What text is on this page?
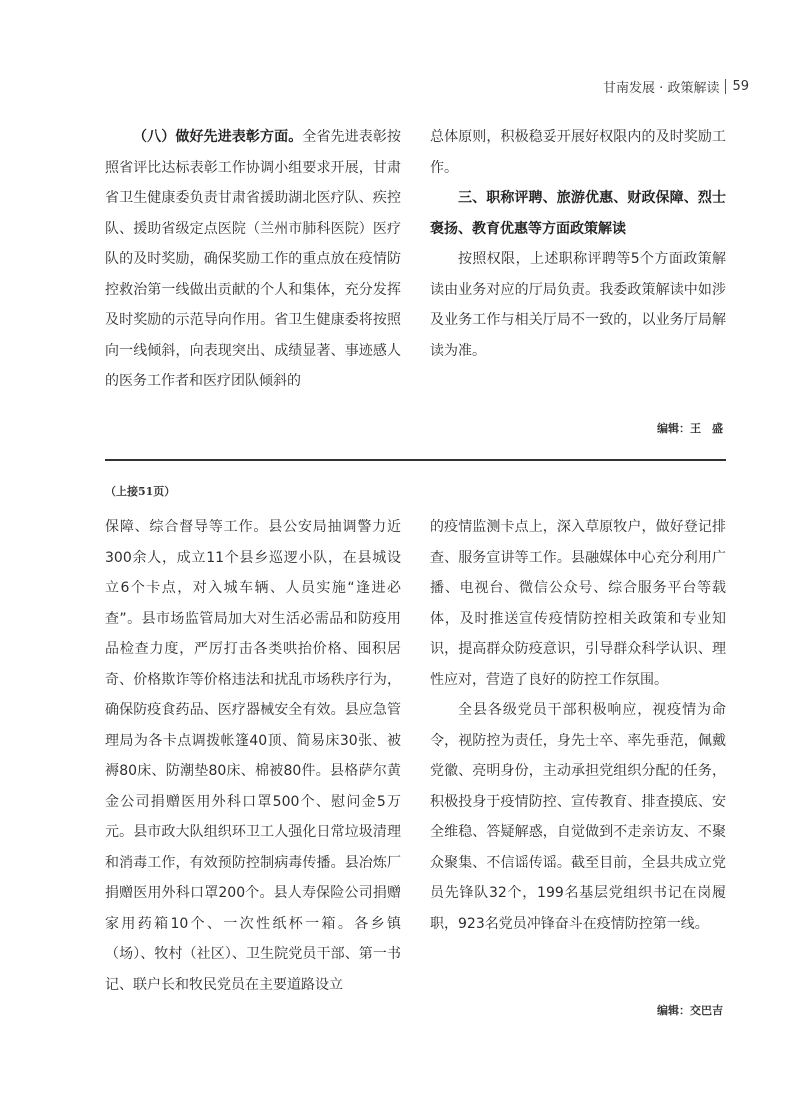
甘南发展 · 政策解读 59

（八）做好先进表彰方面。全省先进表彰按照省评比达标表彰工作协调小组要求开展，甘肃省卫生健康委负责甘肃省援助湖北医疗队、疾控队、援助省级定点医院（兰州市肺科医院）医疗队的及时奖励，确保奖励工作的重点放在疫情防控救治第一线做出贡献的个人和集体，充分发挥及时奖励的示范导向作用。省卫生健康委将按照向一线倾斜，向表现突出、成绩显著、事迹感人的医务工作者和医疗团队倾斜的

总体原则，积极稳妥开展好权限内的及时奖励工作。

三、职称评聘、旅游优惠、财政保障、烈士褒扬、教育优惠等方面政策解读

按照权限，上述职称评聘等5个方面政策解读由业务对应的厅局负责。我委政策解读中如涉及业务工作与相关厅局不一致的，以业务厅局解读为准。

编辑：王　盛
（上接51页）

保障、综合督导等工作。县公安局抽调警力近300余人，成立11个县乡巡逻小队，在县城设立6个卡点，对入城车辆、人员实施“逢进必查”。县市场监管局加大对生活必需品和防疫用品检查力度，严厉打击各类哄抬价格、囤积居奇、价格欺诈等价格违法和扰乱市场秩序行为，确保防疫食药品、医疗器械安全有效。县应急管理局为各卡点调拨帐篷40顶、简易床30张、被褥80床、防潮垫80床、棉被80件。县格萨尔黄金公司捐赠医用外科口罩500个、慰问金5万元。县市政大队组织环卫工人强化日常垃圾清理和消毒工作，有效预防控制病毒传播。县冶炼厂捐赠医用外科口罩200个。县人寿保险公司捐赠家用药箱10个、一次性纸杯一箱。各乡镇（场）、牧村（社区）、卫生院党员干部、第一书记、联户长和牧民党员在主要道路设立

的疫情监测卡点上，深入草原牧户，做好登记排查、服务宣讲等工作。县融媒体中心充分利用广播、电视台、微信公众号、综合服务平台等载体，及时推送宣传疫情防控相关政策和专业知识，提高群众防疫意识，引导群众科学认识、理性应对，营造了良好的防控工作氛围。

全县各级党员干部积极响应，视疫情为命令，视防控为责任，身先士卒、率先垂范，佩戴党徽、亮明身份，主动承担党组织分配的任务，积极投身于疫情防控、宣传教育、排查摸底、安全维稳、答疑解惑，自觉做到不走亲访友、不聚众聚集、不信谣传谣。截至目前，全县共成立党员先锋队32个，199名基层党组织书记在岗履职，923名党员冲锋奋斗在疫情防控第一线。

编辑：交巴吉
